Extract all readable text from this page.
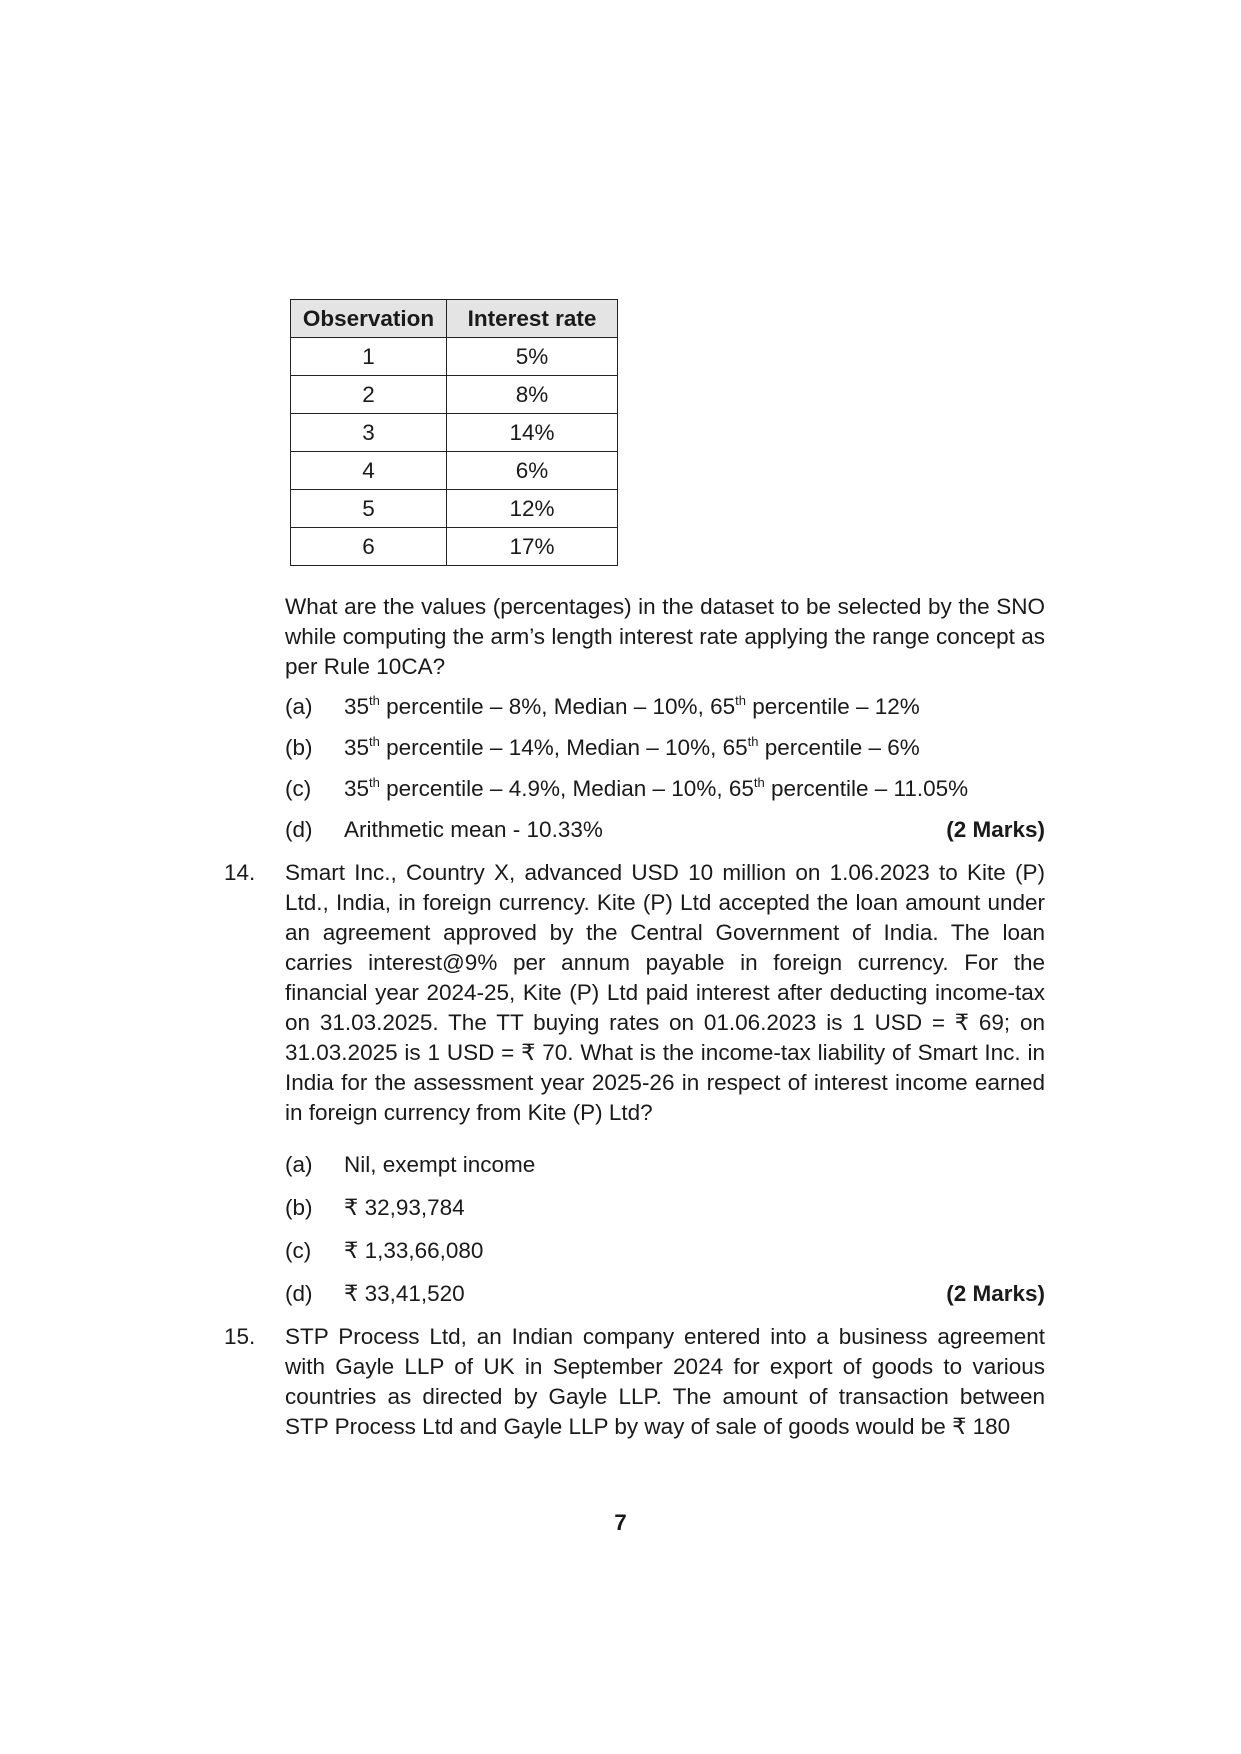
Observation	Interest rate
1	5%
2	8%
3	14%
4	6%
5	12%
6	17%
What are the values (percentages) in the dataset to be selected by the SNO while computing the arm’s length interest rate applying the range concept as per Rule 10CA?
(a) 35th percentile – 8%, Median – 10%, 65th percentile – 12%
(b) 35th percentile – 14%, Median – 10%, 65th percentile – 6%
(c) 35th percentile – 4.9%, Median – 10%, 65th percentile – 11.05%
(d) Arithmetic mean - 10.33%	(2 Marks)
14. Smart Inc., Country X, advanced USD 10 million on 1.06.2023 to Kite (P) Ltd., India, in foreign currency. Kite (P) Ltd accepted the loan amount under an agreement approved by the Central Government of India. The loan carries interest@9% per annum payable in foreign currency. For the financial year 2024-25, Kite (P) Ltd paid interest after deducting income-tax on 31.03.2025. The TT buying rates on 01.06.2023 is 1 USD = ₹ 69; on 31.03.2025 is 1 USD = ₹ 70. What is the income-tax liability of Smart Inc. in India for the assessment year 2025-26 in respect of interest income earned in foreign currency from Kite (P) Ltd?
(a) Nil, exempt income
(b) ₹ 32,93,784
(c) ₹ 1,33,66,080
(d) ₹ 33,41,520	(2 Marks)
15. STP Process Ltd, an Indian company entered into a business agreement with Gayle LLP of UK in September 2024 for export of goods to various countries as directed by Gayle LLP. The amount of transaction between STP Process Ltd and Gayle LLP by way of sale of goods would be ₹ 180
7
